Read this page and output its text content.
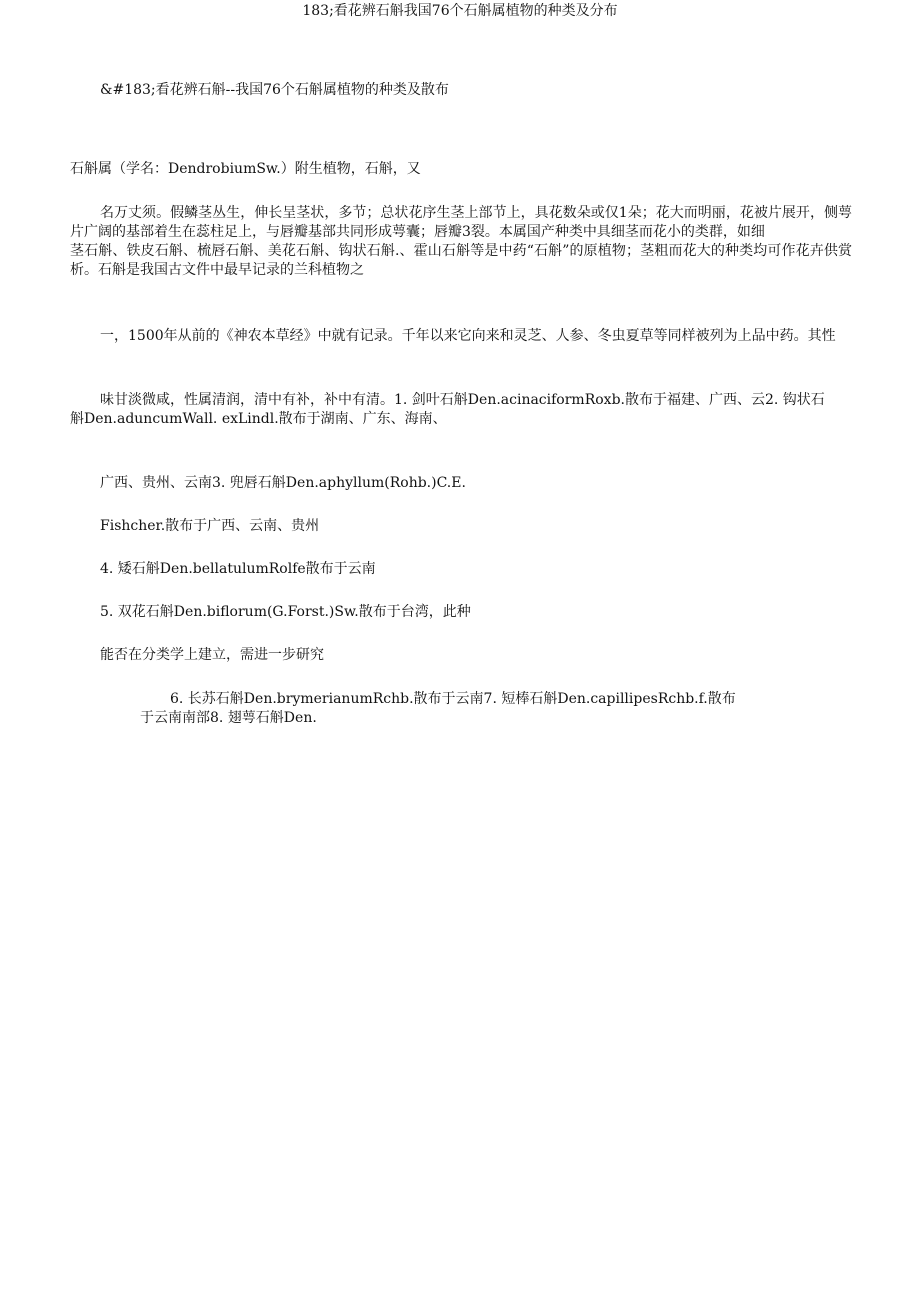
183;看花辨石斛我国76个石斛属植物的种类及分布
&#183;看花辨石斛--我国76个石斛属植物的种类及散布
石斛属（学名：DendrobiumSw.）附生植物，石斛，又
名万丈须。假鳞茎丛生，伸长呈茎状，多节；总状花序生茎上部节上，具花数朵或仅1朵；花大而明丽，花被片展开，侧萼片广阔的基部着生在蕊柱足上，与唇瓣基部共同形成萼囊；唇瓣3裂。本属国产种类中具细茎而花小的类群，如细
茎石斛、铁皮石斛、梳唇石斛、美花石斛、钩状石斛.、霍山石斛等是中药“石斛”的原植物；茎粗而花大的种类均可作花卉供赏析。石斛是我国古文件中最早记录的兰科植物之
一，1500年从前的《神农本草经》中就有记录。千年以来它向来和灵芝、人参、冬虫夏草等同样被列为上品中药。其性
味甘淡微咸，性属清润，清中有补，补中有清。1. 剑叶石斛Den.acinaciformRoxb.散布于福建、广西、云2. 钩状石
斛Den.aduncumWall. exLindl.散布于湖南、广东、海南、
广西、贵州、云南3. 兜唇石斛Den.aphyllum(Rohb.)C.E.
Fishcher.散布于广西、云南、贵州
4. 矮石斛Den.bellatulumRolfe散布于云南
5. 双花石斛Den.biflorum(G.Forst.)Sw.散布于台湾，此种
能否在分类学上建立，需进一步研究
6. 长苏石斛Den.brymerianumRchb.散布于云南7. 短棒石斛Den.capillipesRchb.f.散布
于云南南部8. 翅萼石斛Den.
